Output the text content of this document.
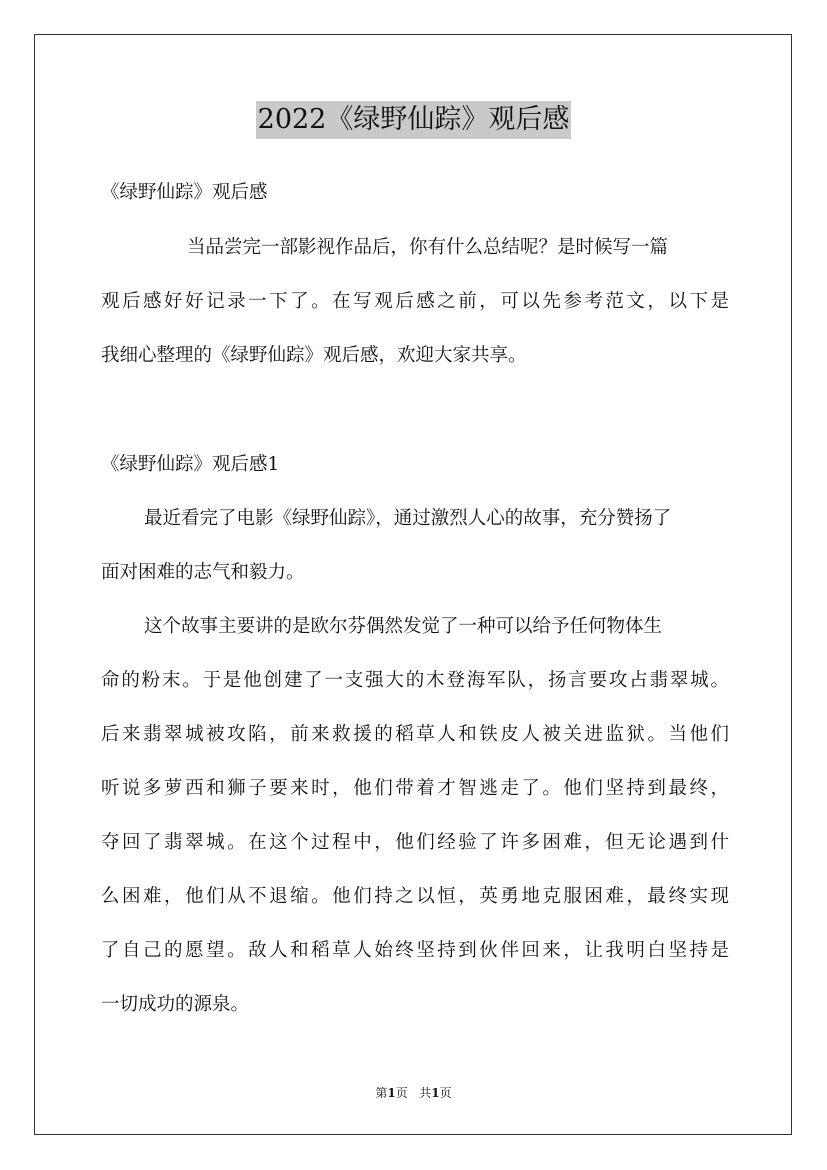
2022《绿野仙踪》观后感
《绿野仙踪》观后感
当品尝完一部影视作品后，你有什么总结呢？是时候写一篇
观后感好好记录一下了。在写观后感之前，可以先参考范文，以下是
我细心整理的《绿野仙踪》观后感，欢迎大家共享。
《绿野仙踪》观后感1
最近看完了电影《绿野仙踪》，通过激烈人心的故事，充分赞扬了
面对困难的志气和毅力。
这个故事主要讲的是欧尔芬偶然发觉了一种可以给予任何物体生
命的粉末。于是他创建了一支强大的木登海军队，扬言要攻占翡翠城。
后来翡翠城被攻陷，前来救援的稻草人和铁皮人被关进监狱。当他们
听说多萝西和狮子要来时，他们带着才智逃走了。他们坚持到最终，
夺回了翡翠城。在这个过程中，他们经验了许多困难，但无论遇到什
么困难，他们从不退缩。他们持之以恒，英勇地克服困难，最终实现
了自己的愿望。敌人和稻草人始终坚持到伙伴回来，让我明白坚持是
一切成功的源泉。
第1页 共1页
